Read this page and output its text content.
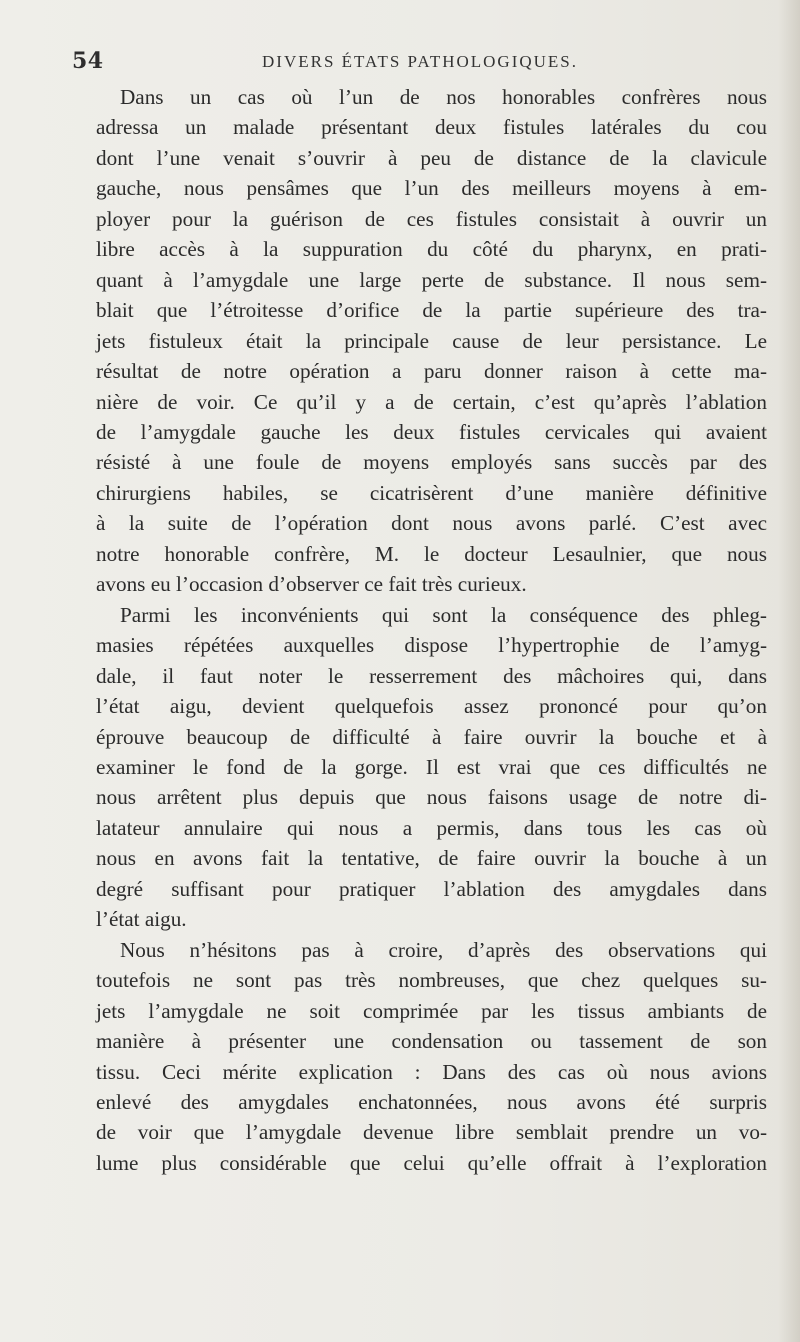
54	DIVERS ÉTATS PATHOLOGIQUES.

Dans un cas où l’un de nos honorables confrères nous
adressa un malade présentant deux fistules latérales du cou
dont l’une venait s’ouvrir à peu de distance de la clavicule
gauche, nous pensâmes que l’un des meilleurs moyens à em-
ployer pour la guérison de ces fistules consistait à ouvrir un
libre accès à la suppuration du côté du pharynx, en prati-
quant à l’amygdale une large perte de substance. Il nous sem-
blait que l’étroitesse d’orifice de la partie supérieure des tra-
jets fistuleux était la principale cause de leur persistance. Le
résultat de notre opération a paru donner raison à cette ma-
nière de voir. Ce qu’il y a de certain, c’est qu’après l’ablation
de l’amygdale gauche les deux fistules cervicales qui avaient
résisté à une foule de moyens employés sans succès par des
chirurgiens habiles, se cicatrisèrent d’une manière définitive
à la suite de l’opération dont nous avons parlé. C’est avec
notre honorable confrère, M. le docteur Lesaulnier, que nous
avons eu l’occasion d’observer ce fait très curieux.

Parmi les inconvénients qui sont la conséquence des phleg-
masies répétées auxquelles dispose l’hypertrophie de l’amyg-
dale, il faut noter le resserrement des mâchoires qui, dans
l’état aigu, devient quelquefois assez prononcé pour qu’on
éprouve beaucoup de difficulté à faire ouvrir la bouche et à
examiner le fond de la gorge. Il est vrai que ces difficultés ne
nous arrêtent plus depuis que nous faisons usage de notre di-
latateur annulaire qui nous a permis, dans tous les cas où
nous en avons fait la tentative, de faire ouvrir la bouche à un
degré suffisant pour pratiquer l’ablation des amygdales dans
l’état aigu.

Nous n’hésitons pas à croire, d’après des observations qui
toutefois ne sont pas très nombreuses, que chez quelques su-
jets l’amygdale ne soit comprimée par les tissus ambiants de
manière à présenter une condensation ou tassement de son
tissu. Ceci mérite explication : Dans des cas où nous avions
enlevé des amygdales enchatonnées, nous avons été surpris
de voir que l’amygdale devenue libre semblait prendre un vo-
lume plus considérable que celui qu’elle offrait à l’exploration
